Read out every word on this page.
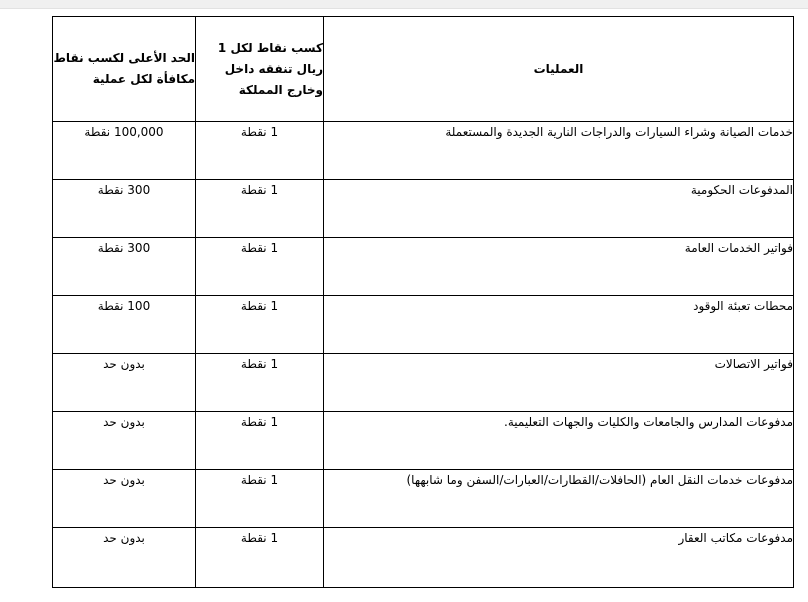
العمليات	كسب نقاط لكل 1 ريال تنفقه داخل وخارج المملكة	الحد الأعلى لكسب نقاط مكافأة لكل عملية
خدمات الصيانة وشراء السيارات والدراجات النارية الجديدة والمستعملة	1 نقطة	100,000 نقطة
المدفوعات الحكومية	1 نقطة	300 نقطة
فواتير الخدمات العامة	1 نقطة	300 نقطة
محطات تعبئة الوقود	1 نقطة	100 نقطة
فواتير الاتصالات	1 نقطة	بدون حد
مدفوعات المدارس والجامعات والكليات والجهات التعليمية.	1 نقطة	بدون حد
مدفوعات خدمات النقل العام (الحافلات/القطارات/العبارات/السفن وما شابهها)	1 نقطة	بدون حد
مدفوعات مكاتب العقار	1 نقطة	بدون حد
